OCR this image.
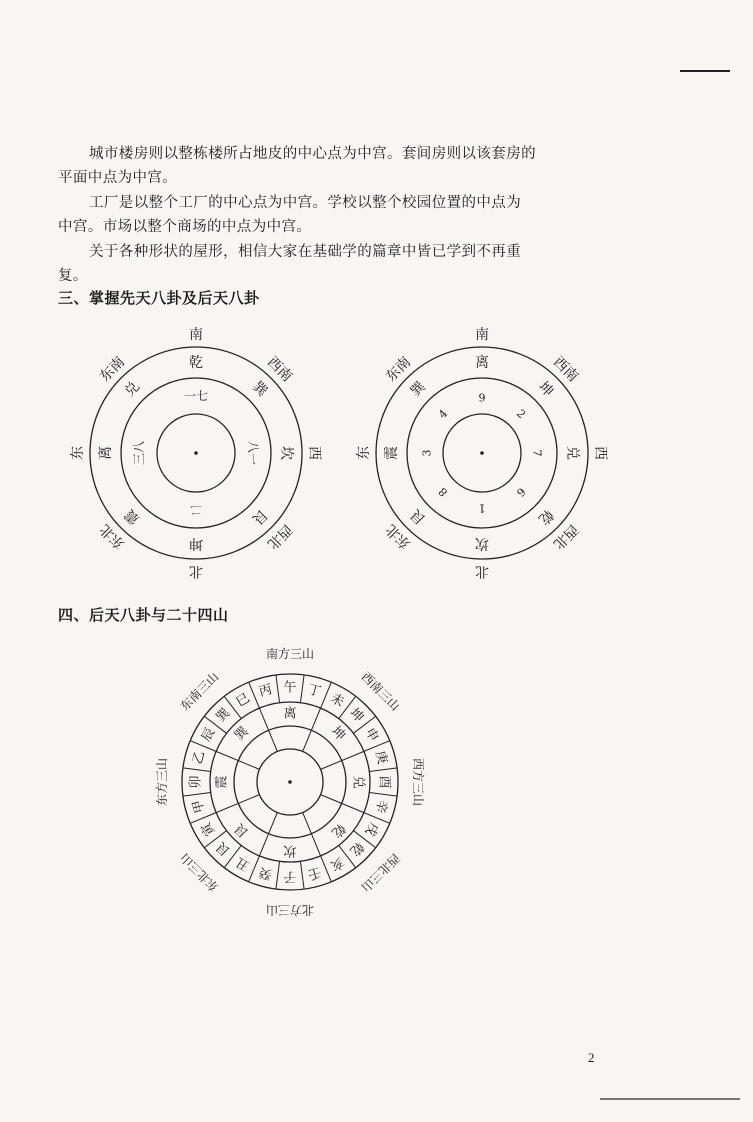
城市楼房则以整栋楼所占地皮的中心点为中宫。套间房则以该套房的

平面中点为中宫。

工厂是以整个工厂的中心点为中宫。学校以整个校园位置的中点为

中宫。市场以整个商场的中点为中宫。

关于各种形状的屋形，相信大家在基础学的篇章中皆已学到不再重

复。

三、掌握先天八卦及后天八卦
南
西南
西
西北
北
东北
东
东南	乾
巽
坎
艮
坤
震
离
兑	一七
八一
二
三八
南
西南
西
西北
北
东北
东
东南	离
坤
兑
乾
坎
艮
震
巽	9
2
7
6
1
8
3
4
四、后天八卦与二十四山
丙 午 丁 未
坤
申
庚
酉
辛
戌
乾
亥
壬
子
癸
丑
艮
寅
甲
卯
乙
辰
巽
巳
离
坤
兑
乾
坎
艮
震
巽
南方三山
西南三山
西方三山
西北三山
北方三山
东北三山
东方三山
东南三山
2
